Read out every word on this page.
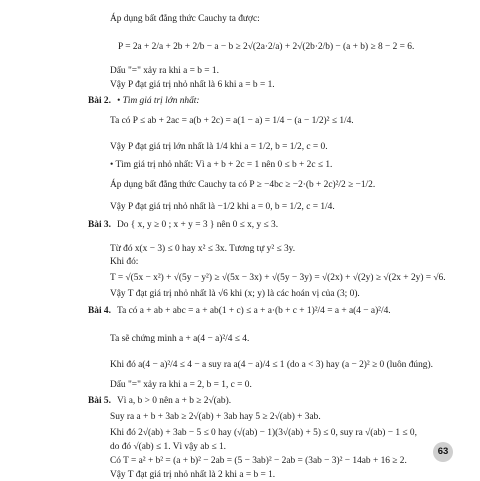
Áp dụng bất đẳng thức Cauchy ta được:
P = 2a + 2/a + 2b + 2/b − a − b ≥ 2√(2a·2/a) + 2√(2b·2/b) − (a + b) ≥ 8 − 2 = 6.
Dấu "=" xảy ra khi a = b = 1.
Vậy P đạt giá trị nhỏ nhất là 6 khi a = b = 1.
Bài 2. • Tìm giá trị lớn nhất:
Ta có P ≤ ab + 2ac = a(b + 2c) = a(1 − a) = 1/4 − (a − 1/2)² ≤ 1/4.
Vậy P đạt giá trị lớn nhất là 1/4 khi a = 1/2, b = 1/2, c = 0.
• Tìm giá trị nhỏ nhất: Vì a + b + 2c = 1 nên 0 ≤ b + 2c ≤ 1.
Áp dụng bất đẳng thức Cauchy ta có P ≥ −4bc ≥ −2·(b + 2c)²/2 ≥ −1/2.
Vậy P đạt giá trị nhỏ nhất là −1/2 khi a = 0, b = 1/2, c = 1/4.
Bài 3. Do { x, y ≥ 0 ; x + y = 3 } nên 0 ≤ x, y ≤ 3.
Từ đó x(x − 3) ≤ 0 hay x² ≤ 3x. Tương tự y² ≤ 3y.
Khi đó:
T = √(5x − x²) + √(5y − y²) ≥ √(5x − 3x) + √(5y − 3y) = √(2x) + √(2y) ≥ √(2x + 2y) = √6.
Vậy T đạt giá trị nhỏ nhất là √6 khi (x; y) là các hoán vị của (3; 0).
Bài 4. Ta có a + ab + abc = a + ab(1 + c) ≤ a + a·(b + c + 1)²/4 = a + a(4 − a)²/4.
Ta sẽ chứng minh a + a(4 − a)²/4 ≤ 4.
Khi đó a(4 − a)²/4 ≤ 4 − a suy ra a(4 − a)/4 ≤ 1 (do a < 3) hay (a − 2)² ≥ 0 (luôn đúng).
Dấu "=" xảy ra khi a = 2, b = 1, c = 0.
Bài 5. Vì a, b > 0 nên a + b ≥ 2√(ab).
Suy ra a + b + 3ab ≥ 2√(ab) + 3ab hay 5 ≥ 2√(ab) + 3ab.
Khi đó 2√(ab) + 3ab − 5 ≤ 0 hay (√(ab) − 1)(3√(ab) + 5) ≤ 0, suy ra √(ab) − 1 ≤ 0,
do đó √(ab) ≤ 1. Vì vậy ab ≤ 1.
Có T = a² + b² = (a + b)² − 2ab = (5 − 3ab)² − 2ab = (3ab − 3)² − 14ab + 16 ≥ 2.
Vậy T đạt giá trị nhỏ nhất là 2 khi a = b = 1.
63
